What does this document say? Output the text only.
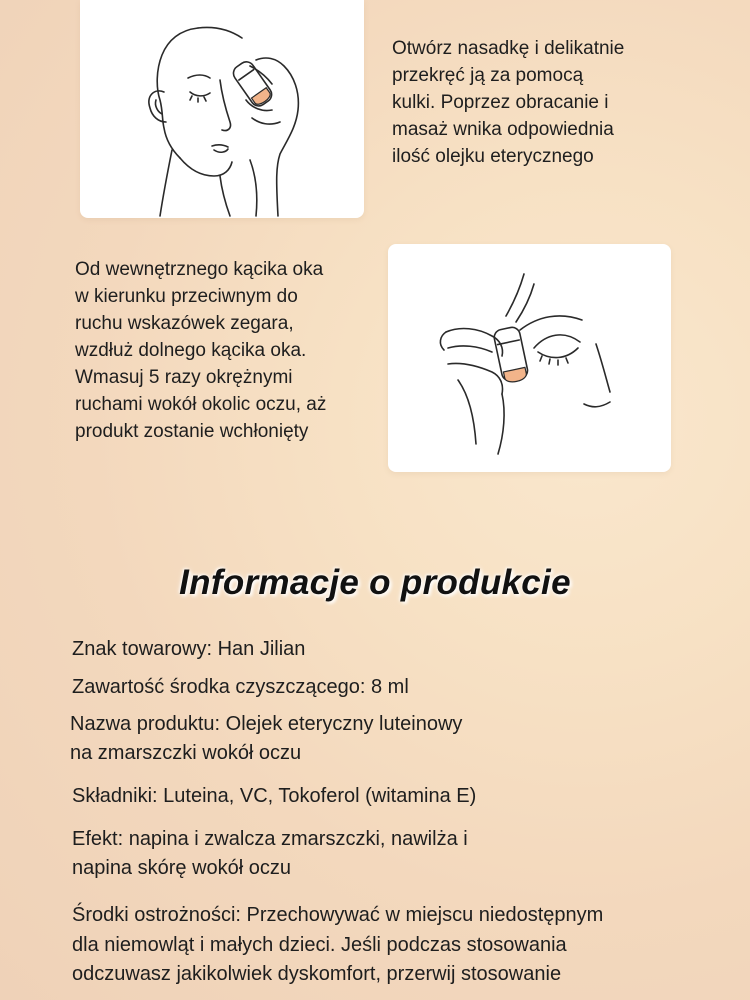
Otwórz nasadkę i delikatnie
przekręć ją za pomocą
kulki. Poprzez obracanie i
masaż wnika odpowiednia
ilość olejku eterycznego
Od wewnętrznego kącika oka
w kierunku przeciwnym do
ruchu wskazówek zegara,
wzdłuż dolnego kącika oka.
Wmasuj 5 razy okrężnymi
ruchami wokół okolic oczu, aż
produkt zostanie wchłonięty
Informacje o produkcie
Znak towarowy: Han Jilian
Zawartość środka czyszczącego: 8 ml
Nazwa produktu: Olejek eteryczny luteinowy
na zmarszczki wokół oczu
Składniki: Luteina, VC, Tokoferol (witamina E)
Efekt: napina i zwalcza zmarszczki, nawilża i
napina skórę wokół oczu
Środki ostrożności: Przechowywać w miejscu niedostępnym
dla niemowląt i małych dzieci. Jeśli podczas stosowania
odczuwasz jakikolwiek dyskomfort, przerwij stosowanie
